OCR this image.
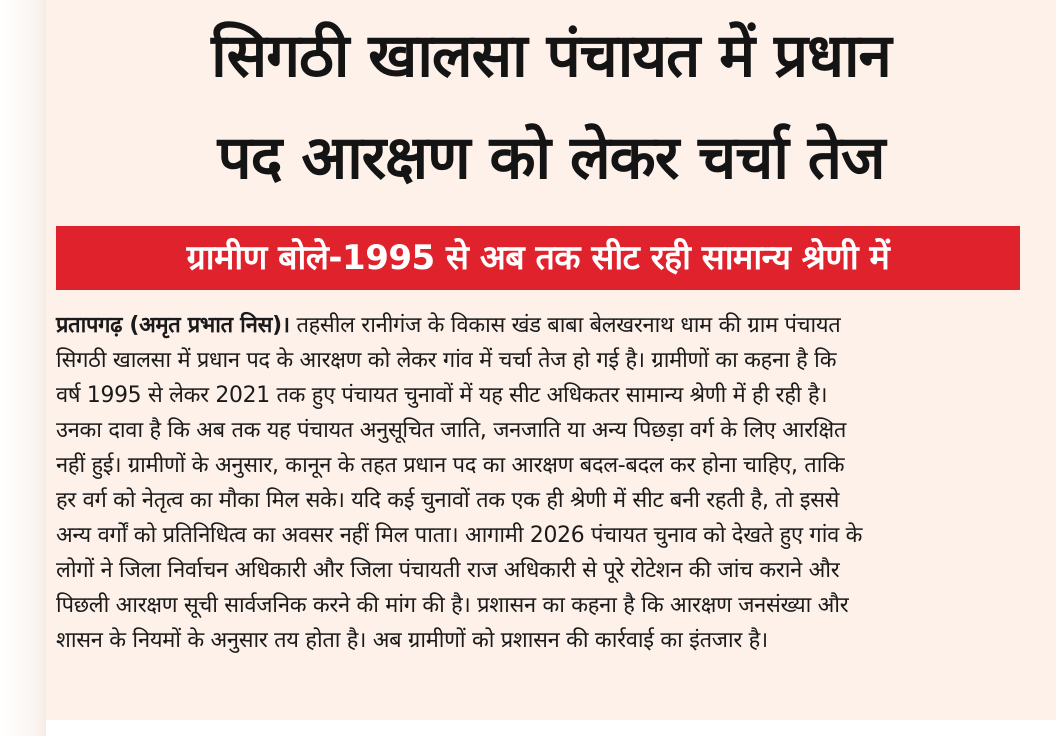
सिगठी खालसा पंचायत में प्रधान
पद आरक्षण को लेकर चर्चा तेज
ग्रामीण बोले-1995 से अब तक सीट रही सामान्य श्रेणी में
प्रतापगढ़ (अमृत प्रभात निस)। तहसील रानीगंज के विकास खंड बाबा बेलखरनाथ धाम की ग्राम पंचायत
सिगठी खालसा में प्रधान पद के आरक्षण को लेकर गांव में चर्चा तेज हो गई है। ग्रामीणों का कहना है कि
वर्ष 1995 से लेकर 2021 तक हुए पंचायत चुनावों में यह सीट अधिकतर सामान्य श्रेणी में ही रही है।
उनका दावा है कि अब तक यह पंचायत अनुसूचित जाति, जनजाति या अन्य पिछड़ा वर्ग के लिए आरक्षित
नहीं हुई। ग्रामीणों के अनुसार, कानून के तहत प्रधान पद का आरक्षण बदल-बदल कर होना चाहिए, ताकि
हर वर्ग को नेतृत्व का मौका मिल सके। यदि कई चुनावों तक एक ही श्रेणी में सीट बनी रहती है, तो इससे
अन्य वर्गों को प्रतिनिधित्व का अवसर नहीं मिल पाता। आगामी 2026 पंचायत चुनाव को देखते हुए गांव के
लोगों ने जिला निर्वाचन अधिकारी और जिला पंचायती राज अधिकारी से पूरे रोटेशन की जांच कराने और
पिछली आरक्षण सूची सार्वजनिक करने की मांग की है। प्रशासन का कहना है कि आरक्षण जनसंख्या और
शासन के नियमों के अनुसार तय होता है। अब ग्रामीणों को प्रशासन की कार्रवाई का इंतजार है।
